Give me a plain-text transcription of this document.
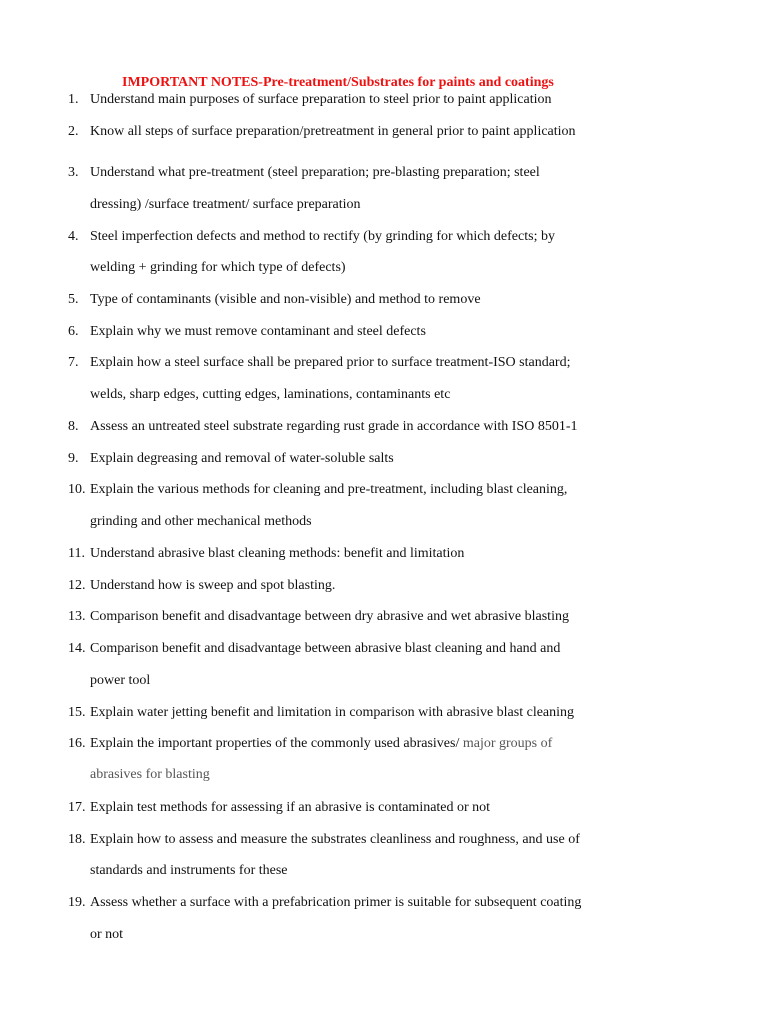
IMPORTANT NOTES-Pre-treatment/Substrates for paints and coatings
1. Understand main purposes of surface preparation to steel prior to paint application
2. Know all steps of surface preparation/pretreatment in general prior to paint application
3. Understand what pre-treatment (steel preparation; pre-blasting preparation; steel
dressing) /surface treatment/ surface preparation
4. Steel imperfection defects and method to rectify (by grinding for which defects; by
welding + grinding for which type of defects)
5. Type of contaminants (visible and non-visible) and method to remove
6. Explain why we must remove contaminant and steel defects
7. Explain how a steel surface shall be prepared prior to surface treatment-ISO standard;
welds, sharp edges, cutting edges, laminations, contaminants etc
8. Assess an untreated steel substrate regarding rust grade in accordance with ISO 8501-1
9. Explain degreasing and removal of water-soluble salts
10. Explain the various methods for cleaning and pre-treatment, including blast cleaning,
grinding and other mechanical methods
11. Understand abrasive blast cleaning methods: benefit and limitation
12. Understand how is sweep and spot blasting.
13. Comparison benefit and disadvantage between dry abrasive and wet abrasive blasting
14. Comparison benefit and disadvantage between abrasive blast cleaning and hand and
power tool
15. Explain water jetting benefit and limitation in comparison with abrasive blast cleaning
16. Explain the important properties of the commonly used abrasives/ major groups of
abrasives for blasting
17. Explain test methods for assessing if an abrasive is contaminated or not
18. Explain how to assess and measure the substrates cleanliness and roughness, and use of
standards and instruments for these
19. Assess whether a surface with a prefabrication primer is suitable for subsequent coating
or not
